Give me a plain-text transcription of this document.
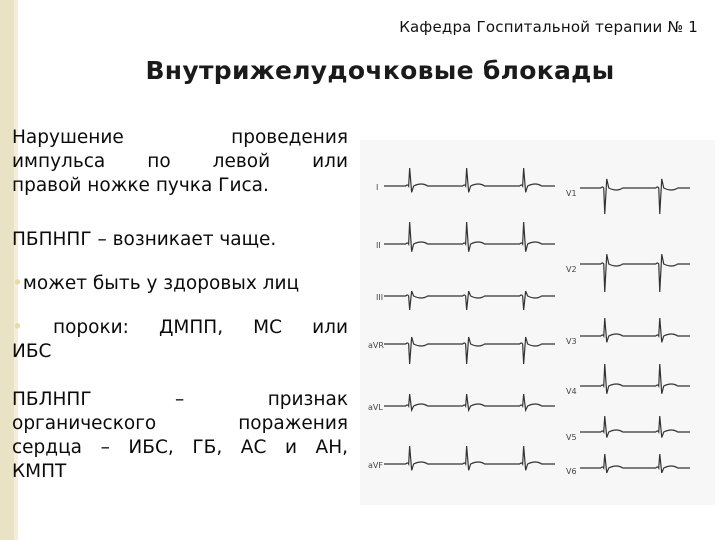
Кафедра Госпитальной терапии № 1
Внутрижелудочковые блокады
Нарушение проведения
импульса по левой или
правой ножке пучка Гиса.
ПБПНПГ – возникает чаще.
•может быть у здоровых лиц
• пороки: ДМПП, МС или
ИБС
ПБЛНПГ – признак
органического поражения
сердца – ИБС, ГБ, АС и АН,
КМПТ
I
II
III
aVR
aVL
aVF
V1
V2
V3
V4
V5
V6
